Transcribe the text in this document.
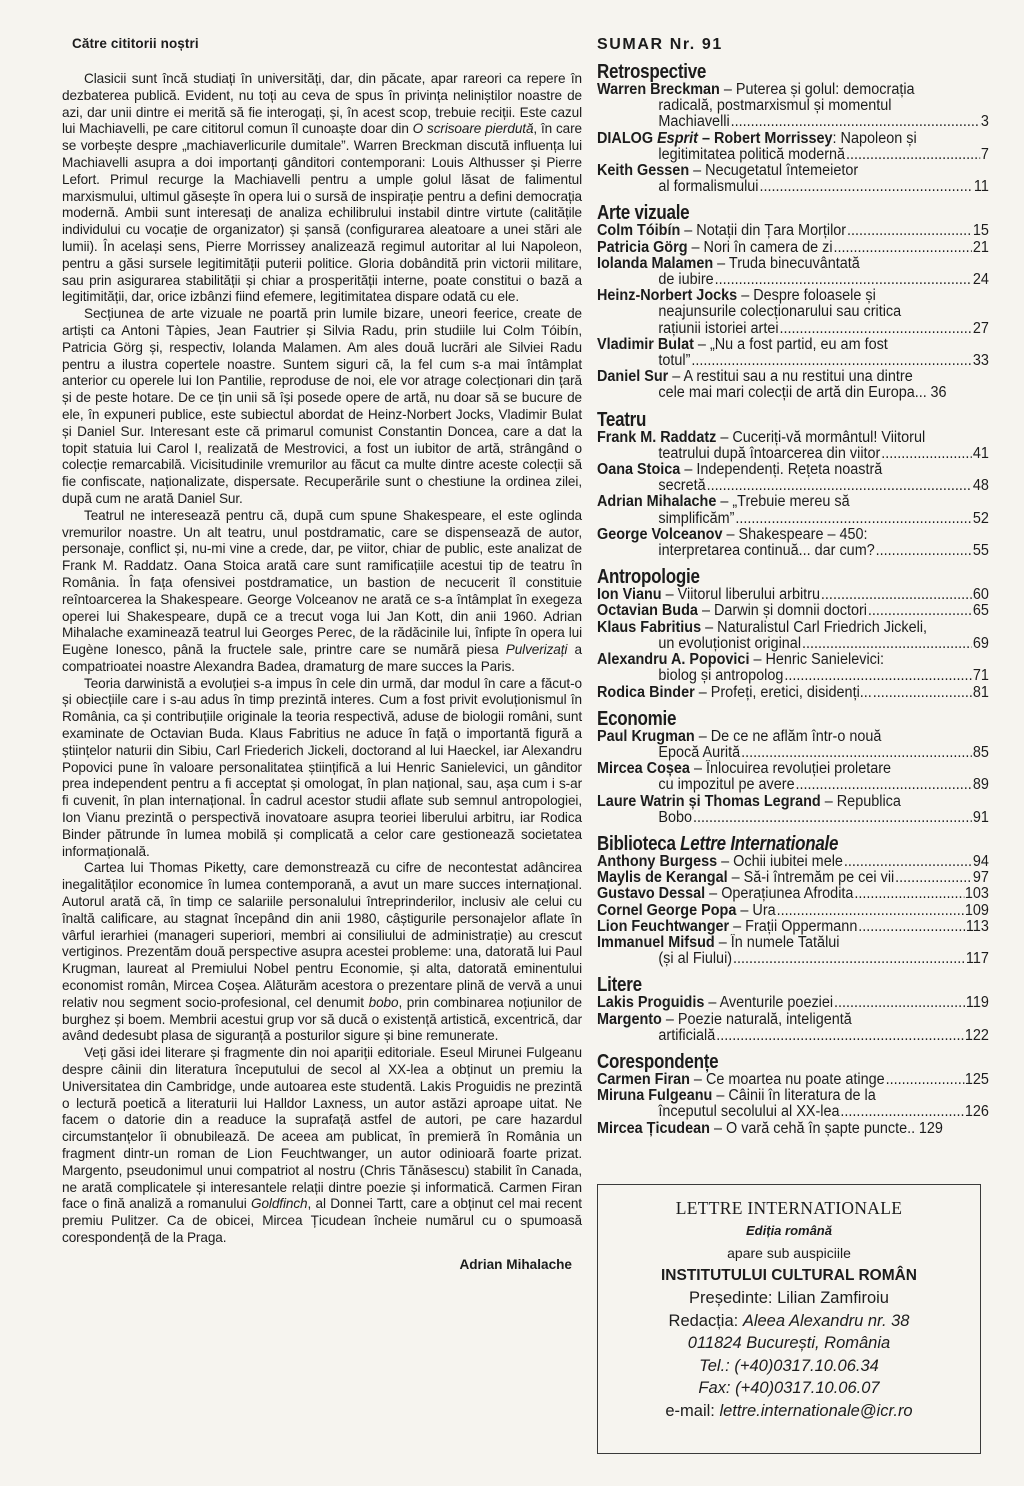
Către cititorii noștri

Clasicii sunt încă studiați în universități, dar, din păcate, apar rareori ca repere în dezbaterea publică. Evident, nu toți au ceva de spus în privința neliniștilor noastre de azi, dar unii dintre ei merită să fie interogați, și, în acest scop, trebuie reciții. Este cazul lui Machiavelli, pe care cititorul comun îl cunoaște doar din O scrisoare pierdută, în care se vorbește despre „machiaverlicurile dumitale”. Warren Breckman discută influența lui Machiavelli asupra a doi importanți gânditori contemporani: Louis Althusser și Pierre Lefort. Primul recurge la Machiavelli pentru a umple golul lăsat de falimentul marxismului, ultimul găsește în opera lui o sursă de inspirație pentru a defini democrația modernă. Ambii sunt interesați de analiza echilibrului instabil dintre virtute (calitățile individului cu vocație de organizator) și șansă (configurarea aleatoare a unei stări ale lumii). În același sens, Pierre Morrissey analizează regimul autoritar al lui Napoleon, pentru a găsi sursele legitimității puterii politice. Gloria dobândită prin victorii militare, sau prin asigurarea stabilității și chiar a prosperității interne, poate constitui o bază a legitimității, dar, orice izbânzi fiind efemere, legitimitatea dispare odată cu ele.

Secțiunea de arte vizuale ne poartă prin lumile bizare, uneori feerice, create de artiști ca Antoni Tàpies, Jean Fautrier și Silvia Radu, prin studiile lui Colm Tóibín, Patricia Görg și, respectiv, Iolanda Malamen. Am ales două lucrări ale Silviei Radu pentru a ilustra copertele noastre. Suntem siguri că, la fel cum s-a mai întâmplat anterior cu operele lui Ion Pantilie, reproduse de noi, ele vor atrage colecționari din țară și de peste hotare. De ce țin unii să își posede opere de artă, nu doar să se bucure de ele, în expuneri publice, este subiectul abordat de Heinz-Norbert Jocks, Vladimir Bulat și Daniel Sur. Interesant este că primarul comunist Constantin Doncea, care a dat la topit statuia lui Carol I, realizată de Mestrovici, a fost un iubitor de artă, strângând o colecție remarcabilă. Vicisitudinile vremurilor au făcut ca multe dintre aceste colecții să fie confiscate, naționalizate, dispersate. Recuperările sunt o chestiune la ordinea zilei, după cum ne arată Daniel Sur.

Teatrul ne interesează pentru că, după cum spune Shakespeare, el este oglinda vremurilor noastre. Un alt teatru, unul postdramatic, care se dispensează de autor, personaje, conflict și, nu-mi vine a crede, dar, pe viitor, chiar de public, este analizat de Frank M. Raddatz. Oana Stoica arată care sunt ramificațiile acestui tip de teatru în România. În fața ofensivei postdramatice, un bastion de necucerit îl constituie reîntoarcerea la Shakespeare. George Volceanov ne arată ce s-a întâmplat în exegeza operei lui Shakespeare, după ce a trecut voga lui Jan Kott, din anii 1960. Adrian Mihalache examinează teatrul lui Georges Perec, de la rădăcinile lui, înfipte în opera lui Eugène Ionesco, până la fructele sale, printre care se numără piesa Pulverizați a compatrioatei noastre Alexandra Badea, dramaturg de mare succes la Paris.

Teoria darwinistă a evoluției s-a impus în cele din urmă, dar modul în care a făcut-o și obiecțiile care i s-au adus în timp prezintă interes. Cum a fost privit evoluționismul în România, ca și contribuțiile originale la teoria respectivă, aduse de biologii români, sunt examinate de Octavian Buda. Klaus Fabritius ne aduce în față o importantă figură a științelor naturii din Sibiu, Carl Friederich Jickeli, doctorand al lui Haeckel, iar Alexandru Popovici pune în valoare personalitatea științifică a lui Henric Sanielevici, un gânditor prea independent pentru a fi acceptat și omologat, în plan național, sau, așa cum i s-ar fi cuvenit, în plan internațional. În cadrul acestor studii aflate sub semnul antropologiei, Ion Vianu prezintă o perspectivă inovatoare asupra teoriei liberului arbitru, iar Rodica Binder pătrunde în lumea mobilă și complicată a celor care gestionează societatea informațională.

Cartea lui Thomas Piketty, care demonstrează cu cifre de necontestat adâncirea inegalităților economice în lumea contemporană, a avut un mare succes internațional. Autorul arată că, în timp ce salariile personalului întreprinderilor, inclusiv ale celui cu înaltă calificare, au stagnat începând din anii 1980, câștigurile personajelor aflate în vârful ierarhiei (manageri superiori, membri ai consiliului de administrație) au crescut vertiginos. Prezentăm două perspective asupra acestei probleme: una, datorată lui Paul Krugman, laureat al Premiului Nobel pentru Economie, și alta, datorată eminentului economist român, Mircea Coșea. Alăturăm acestora o prezentare plină de vervă a unui relativ nou segment socio-profesional, cel denumit bobo, prin combinarea noțiunilor de burghez și boem. Membrii acestui grup vor să ducă o existență artistică, excentrică, dar având dedesubt plasa de siguranță a posturilor sigure și bine remunerate.

Veți găsi idei literare și fragmente din noi apariții editoriale. Eseul Mirunei Fulgeanu despre câinii din literatura începutului de secol al XX-lea a obținut un premiu la Universitatea din Cambridge, unde autoarea este studentă. Lakis Proguidis ne prezintă o lectură poetică a literaturii lui Halldor Laxness, un autor astăzi aproape uitat. Ne facem o datorie din a readuce la suprafață astfel de autori, pe care hazardul circumstanțelor îi obnubilează. De aceea am publicat, în premieră în România un fragment dintr-un roman de Lion Feuchtwanger, un autor odinioară foarte prizat. Margento, pseudonimul unui compatriot al nostru (Chris Tănăsescu) stabilit în Canada, ne arată complicatele și interesantele relații dintre poezie și informatică. Carmen Firan face o fină analiză a romanului Goldfinch, al Donnei Tartt, care a obținut cel mai recent premiu Pulitzer. Ca de obicei, Mircea Țicudean încheie numărul cu o spumoasă corespondență de la Praga.

Adrian Mihalache
SUMAR Nr. 91
Retrospective
Warren Breckman – Puterea și golul: democrația
radicală, postmarxismul și momentul
Machiavelli .....	3
DIALOG Esprit – Robert Morrissey: Napoleon și
legitimitatea politică modernă .....	7
Keith Gessen – Necugetatul întemeietor
al formalismului .....	11
Arte vizuale
Colm Tóibín – Notații din Țara Morților .....	15
Patricia Görg – Nori în camera de zi .....	21
Iolanda Malamen – Truda binecuvântată
de iubire .....	24
Heinz-Norbert Jocks – Despre foloasele și
neajunsurile colecționarului sau critica
rațiunii istoriei artei .....	27
Vladimir Bulat – „Nu a fost partid, eu am fost
totul” .....	33
Daniel Sur – A restitui sau a nu restitui una dintre
cele mai mari colecții de artă din Europa... 36
Teatru
Frank M. Raddatz – Cuceriți-vă mormântul! Viitorul
teatrului după întoarcerea din viitor .....	41
Oana Stoica – Independenți. Rețeta noastră
secretă .....	48
Adrian Mihalache – „Trebuie mereu să
simplificăm” .....	52
George Volceanov – Shakespeare – 450:
interpretarea continuă... dar cum? .....	55
Antropologie
Ion Vianu – Viitorul liberului arbitru .....	60
Octavian Buda – Darwin și domnii doctori .....	65
Klaus Fabritius – Naturalistul Carl Friedrich Jickeli,
un evoluționist original .....	69
Alexandru A. Popovici – Henric Sanielevici:
biolog și antropolog .....	71
Rodica Binder – Profeți, eretici, disidenți... .....	81
Economie
Paul Krugman – De ce ne aflăm într-o nouă
Epocă Aurită .....	85
Mircea Coșea – Înlocuirea revoluției proletare
cu impozitul pe avere .....	89
Laure Watrin și Thomas Legrand – Republica
Bobo .....	91
Biblioteca Lettre Internationale
Anthony Burgess – Ochii iubitei mele .....	94
Maylis de Kerangal – Să-i întremăm pe cei vii .....	97
Gustavo Dessal – Operațiunea Afrodita .....	103
Cornel George Popa – Ura .....	109
Lion Feuchtwanger – Frații Oppermann .....	113
Immanuel Mifsud – În numele Tatălui
(și al Fiului) .....	117
Litere
Lakis Proguidis – Aventurile poeziei .....	119
Margento – Poezie naturală, inteligentă
artificială .....	122
Corespondențe
Carmen Firan – Ce moartea nu poate atinge .....	125
Miruna Fulgeanu – Câinii în literatura de la
începutul secolului al XX-lea .....	126
Mircea Țicudean – O vară cehă în șapte puncte.. 129
LETTRE INTERNATIONALE
Ediția română
apare sub auspiciile
INSTITUTULUI CULTURAL ROMÂN
Președinte: Lilian Zamfiroiu
Redacția: Aleea Alexandru nr. 38
011824 București, România
Tel.: (+40)0317.10.06.34
Fax: (+40)0317.10.06.07
e-mail: lettre.internationale@icr.ro
